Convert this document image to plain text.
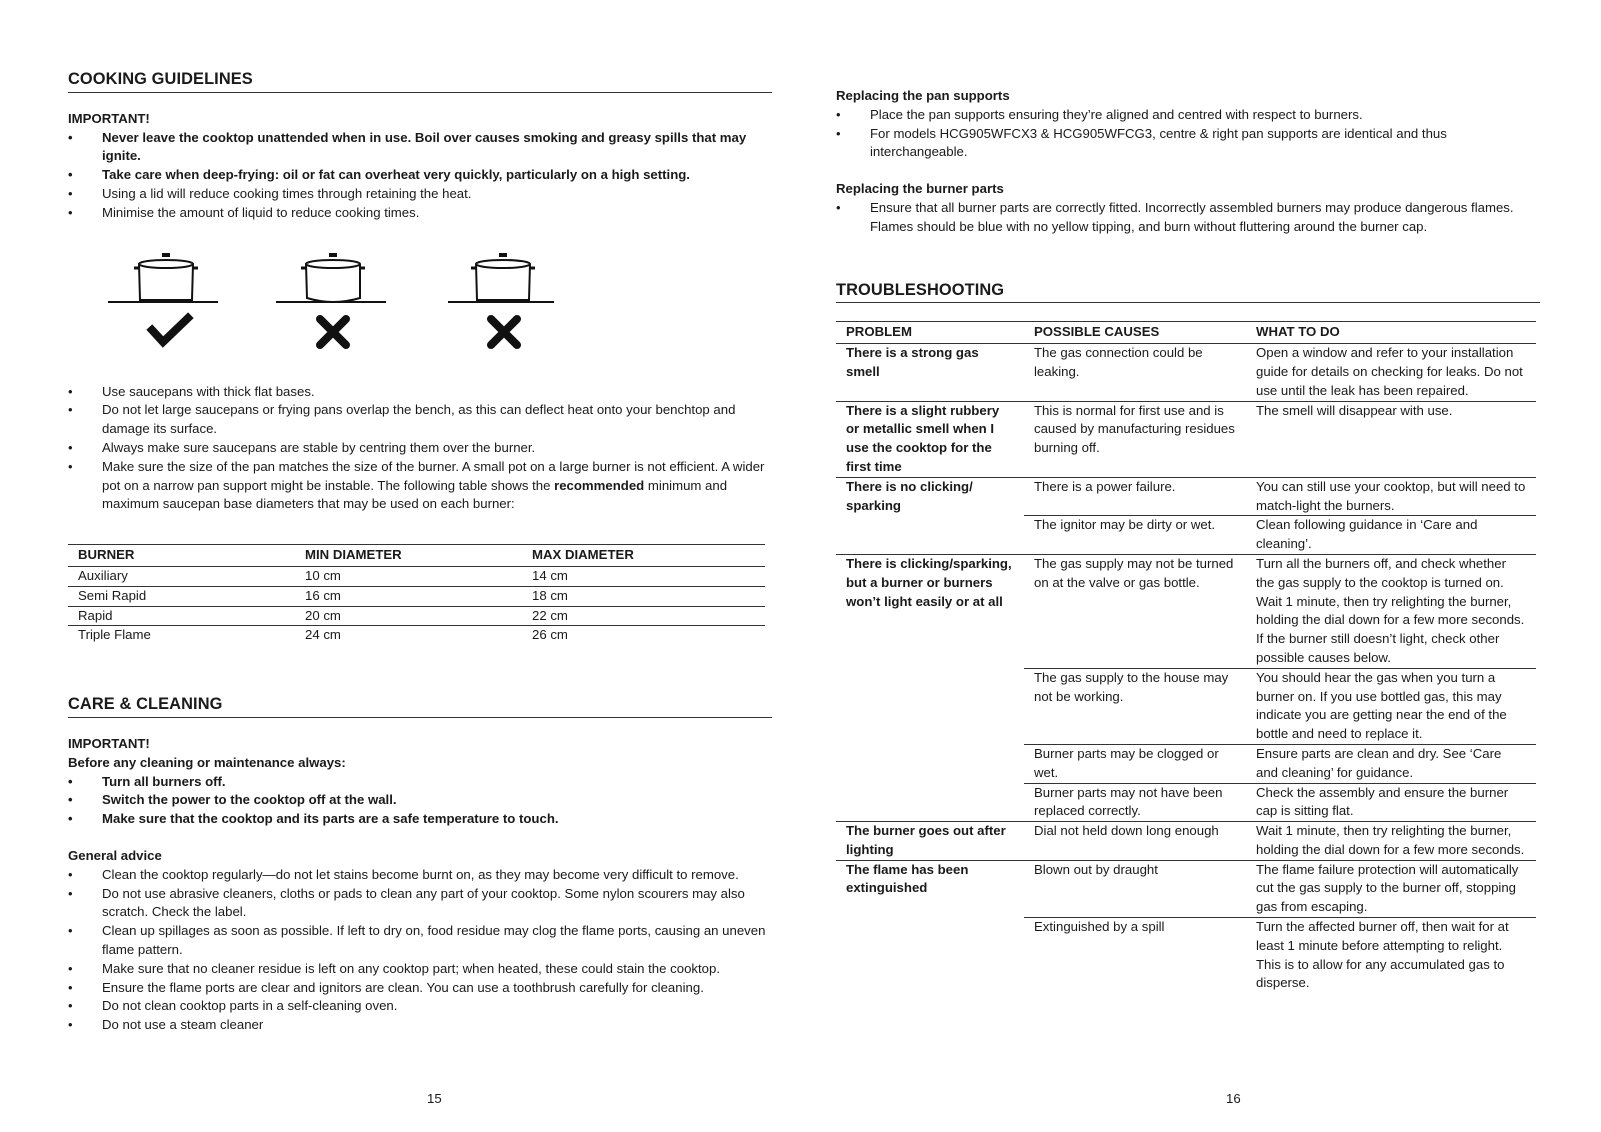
COOKING GUIDELINES
IMPORTANT!
• Never leave the cooktop unattended when in use. Boil over causes smoking and greasy spills that may ignite.
• Take care when deep-frying: oil or fat can overheat very quickly, particularly on a high setting.
• Using a lid will reduce cooking times through retaining the heat.
• Minimise the amount of liquid to reduce cooking times.
• Use saucepans with thick flat bases.
• Do not let large saucepans or frying pans overlap the bench, as this can deflect heat onto your benchtop and damage its surface.
• Always make sure saucepans are stable by centring them over the burner.
• Make sure the size of the pan matches the size of the burner. A small pot on a large burner is not efficient. A wider pot on a narrow pan support might be instable. The following table shows the recommended minimum and maximum saucepan base diameters that may be used on each burner:
BURNER	MIN DIAMETER	MAX DIAMETER
Auxiliary	10 cm	14 cm
Semi Rapid	16 cm	18 cm
Rapid	20 cm	22 cm
Triple Flame	24 cm	26 cm
CARE & CLEANING
IMPORTANT!
Before any cleaning or maintenance always:
• Turn all burners off.
• Switch the power to the cooktop off at the wall.
• Make sure that the cooktop and its parts are a safe temperature to touch.
General advice
• Clean the cooktop regularly—do not let stains become burnt on, as they may become very difficult to remove.
• Do not use abrasive cleaners, cloths or pads to clean any part of your cooktop. Some nylon scourers may also scratch. Check the label.
• Clean up spillages as soon as possible. If left to dry on, food residue may clog the flame ports, causing an uneven flame pattern.
• Make sure that no cleaner residue is left on any cooktop part; when heated, these could stain the cooktop.
• Ensure the flame ports are clear and ignitors are clean. You can use a toothbrush carefully for cleaning.
• Do not clean cooktop parts in a self-cleaning oven.
• Do not use a steam cleaner
15
Replacing the pan supports
• Place the pan supports ensuring they’re aligned and centred with respect to burners.
• For models HCG905WFCX3 & HCG905WFCG3, centre & right pan supports are identical and thus interchangeable.
Replacing the burner parts
• Ensure that all burner parts are correctly fitted. Incorrectly assembled burners may produce dangerous flames. Flames should be blue with no yellow tipping, and burn without fluttering around the burner cap.
TROUBLESHOOTING
PROBLEM	POSSIBLE CAUSES	WHAT TO DO
There is a strong gas smell	The gas connection could be leaking.	Open a window and refer to your installation guide for details on checking for leaks. Do not use until the leak has been repaired.
There is a slight rubbery or metallic smell when I use the cooktop for the first time	This is normal for first use and is caused by manufacturing residues burning off.	The smell will disappear with use.
There is no clicking/ sparking	There is a power failure.	You can still use your cooktop, but will need to match-light the burners.
	The ignitor may be dirty or wet.	Clean following guidance in ‘Care and cleaning’.
There is clicking/sparking, but a burner or burners won’t light easily or at all	The gas supply may not be turned on at the valve or gas bottle.	Turn all the burners off, and check whether the gas supply to the cooktop is turned on. Wait 1 minute, then try relighting the burner, holding the dial down for a few more seconds. If the burner still doesn’t light, check other possible causes below.
	The gas supply to the house may not be working.	You should hear the gas when you turn a burner on. If you use bottled gas, this may indicate you are getting near the end of the bottle and need to replace it.
	Burner parts may be clogged or wet.	Ensure parts are clean and dry. See ‘Care and cleaning’ for guidance.
	Burner parts may not have been replaced correctly.	Check the assembly and ensure the burner cap is sitting flat.
The burner goes out after lighting	Dial not held down long enough	Wait 1 minute, then try relighting the burner, holding the dial down for a few more seconds.
The flame has been extinguished	Blown out by draught	The flame failure protection will automatically cut the gas supply to the burner off, stopping gas from escaping.
	Extinguished by a spill	Turn the affected burner off, then wait for at least 1 minute before attempting to relight. This is to allow for any accumulated gas to disperse.
16
